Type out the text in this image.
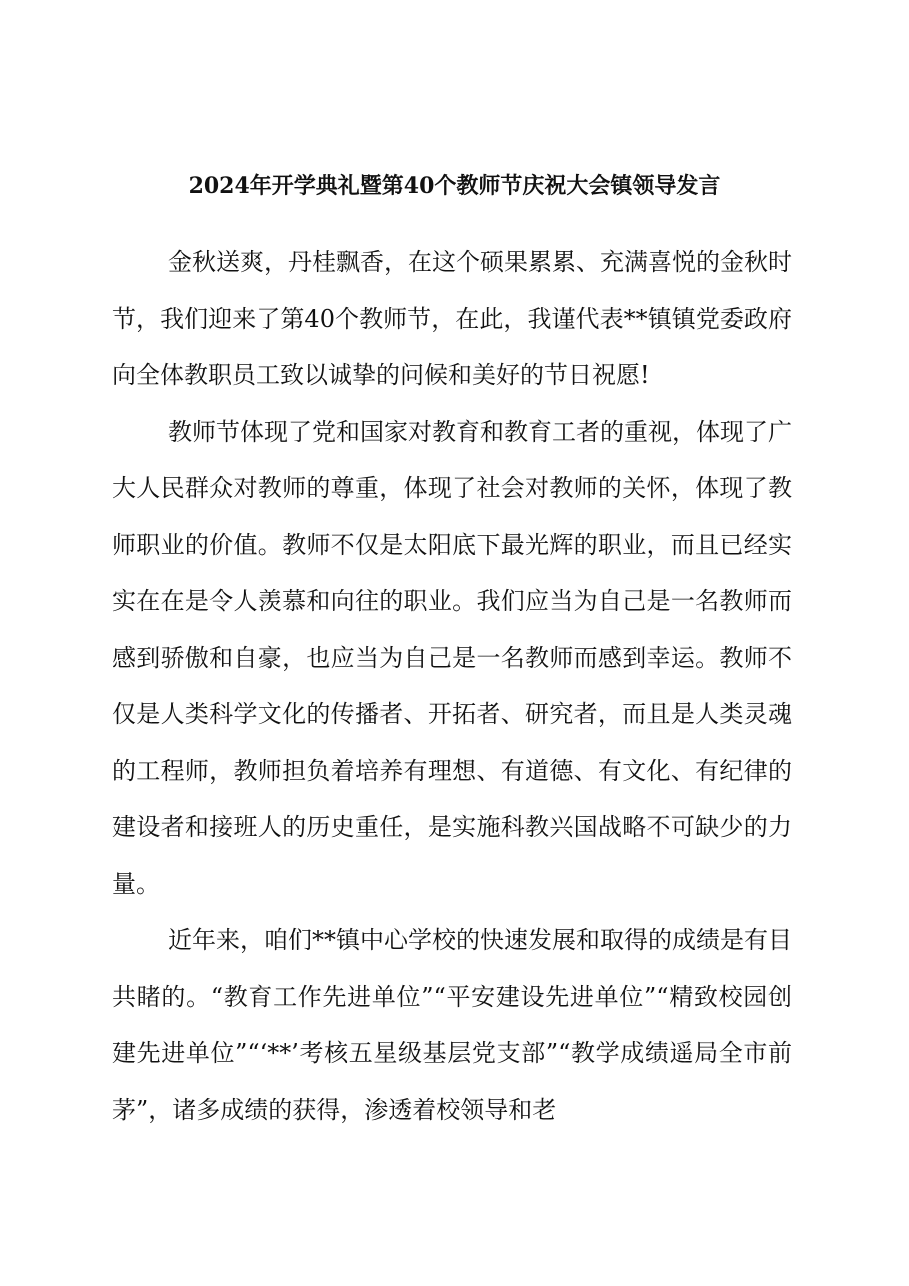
2024年开学典礼暨第40个教师节庆祝大会镇领导发言

金秋送爽，丹桂飘香，在这个硕果累累、充满喜悦的金秋时节，我们迎来了第40个教师节，在此，我谨代表**镇镇党委政府向全体教职员工致以诚挚的问候和美好的节日祝愿!

教师节体现了党和国家对教育和教育工者的重视，体现了广大人民群众对教师的尊重，体现了社会对教师的关怀，体现了教师职业的价值。教师不仅是太阳底下最光辉的职业，而且已经实实在在是令人羡慕和向往的职业。我们应当为自己是一名教师而感到骄傲和自豪，也应当为自己是一名教师而感到幸运。教师不仅是人类科学文化的传播者、开拓者、研究者，而且是人类灵魂的工程师，教师担负着培养有理想、有道德、有文化、有纪律的建设者和接班人的历史重任，是实施科教兴国战略不可缺少的力量。

近年来，咱们**镇中心学校的快速发展和取得的成绩是有目共睹的。“教育工作先进单位”“平安建设先进单位”“精致校园创建先进单位”“‘**’考核五星级基层党支部”“教学成绩遥局全市前茅”，诸多成绩的获得，渗透着校领导和老
